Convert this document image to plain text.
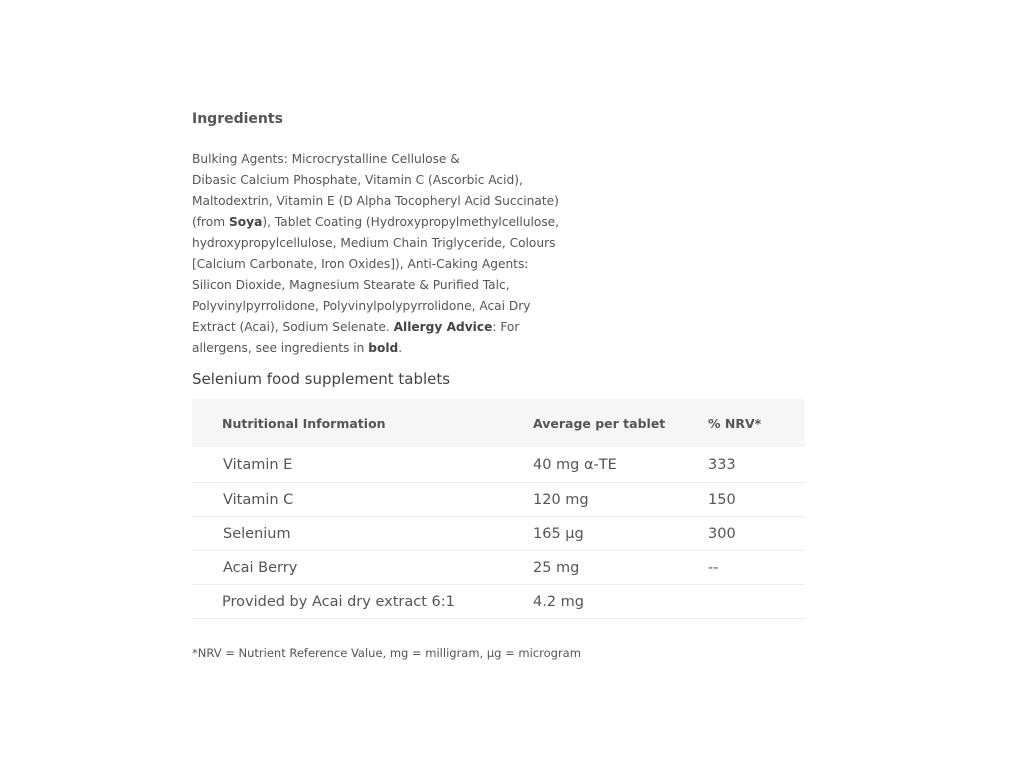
Ingredients
Bulking Agents: Microcrystalline Cellulose &
Dibasic Calcium Phosphate, Vitamin C (Ascorbic Acid),
Maltodextrin, Vitamin E (D Alpha Tocopheryl Acid Succinate)
(from Soya), Tablet Coating (Hydroxypropylmethylcellulose,
hydroxypropylcellulose, Medium Chain Triglyceride, Colours
[Calcium Carbonate, Iron Oxides]), Anti-Caking Agents:
Silicon Dioxide, Magnesium Stearate & Purified Talc,
Polyvinylpyrrolidone, Polyvinylpolypyrrolidone, Acai Dry
Extract (Acai), Sodium Selenate. Allergy Advice: For
allergens, see ingredients in bold.
Selenium food supplement tablets
Nutritional Information	Average per tablet	% NRV*
Vitamin E	40 mg α-TE	333
Vitamin C	120 mg	150
Selenium	165 μg	300
Acai Berry	25 mg	--
Provided by Acai dry extract 6:1	4.2 mg	
*NRV = Nutrient Reference Value, mg = milligram, μg = microgram
